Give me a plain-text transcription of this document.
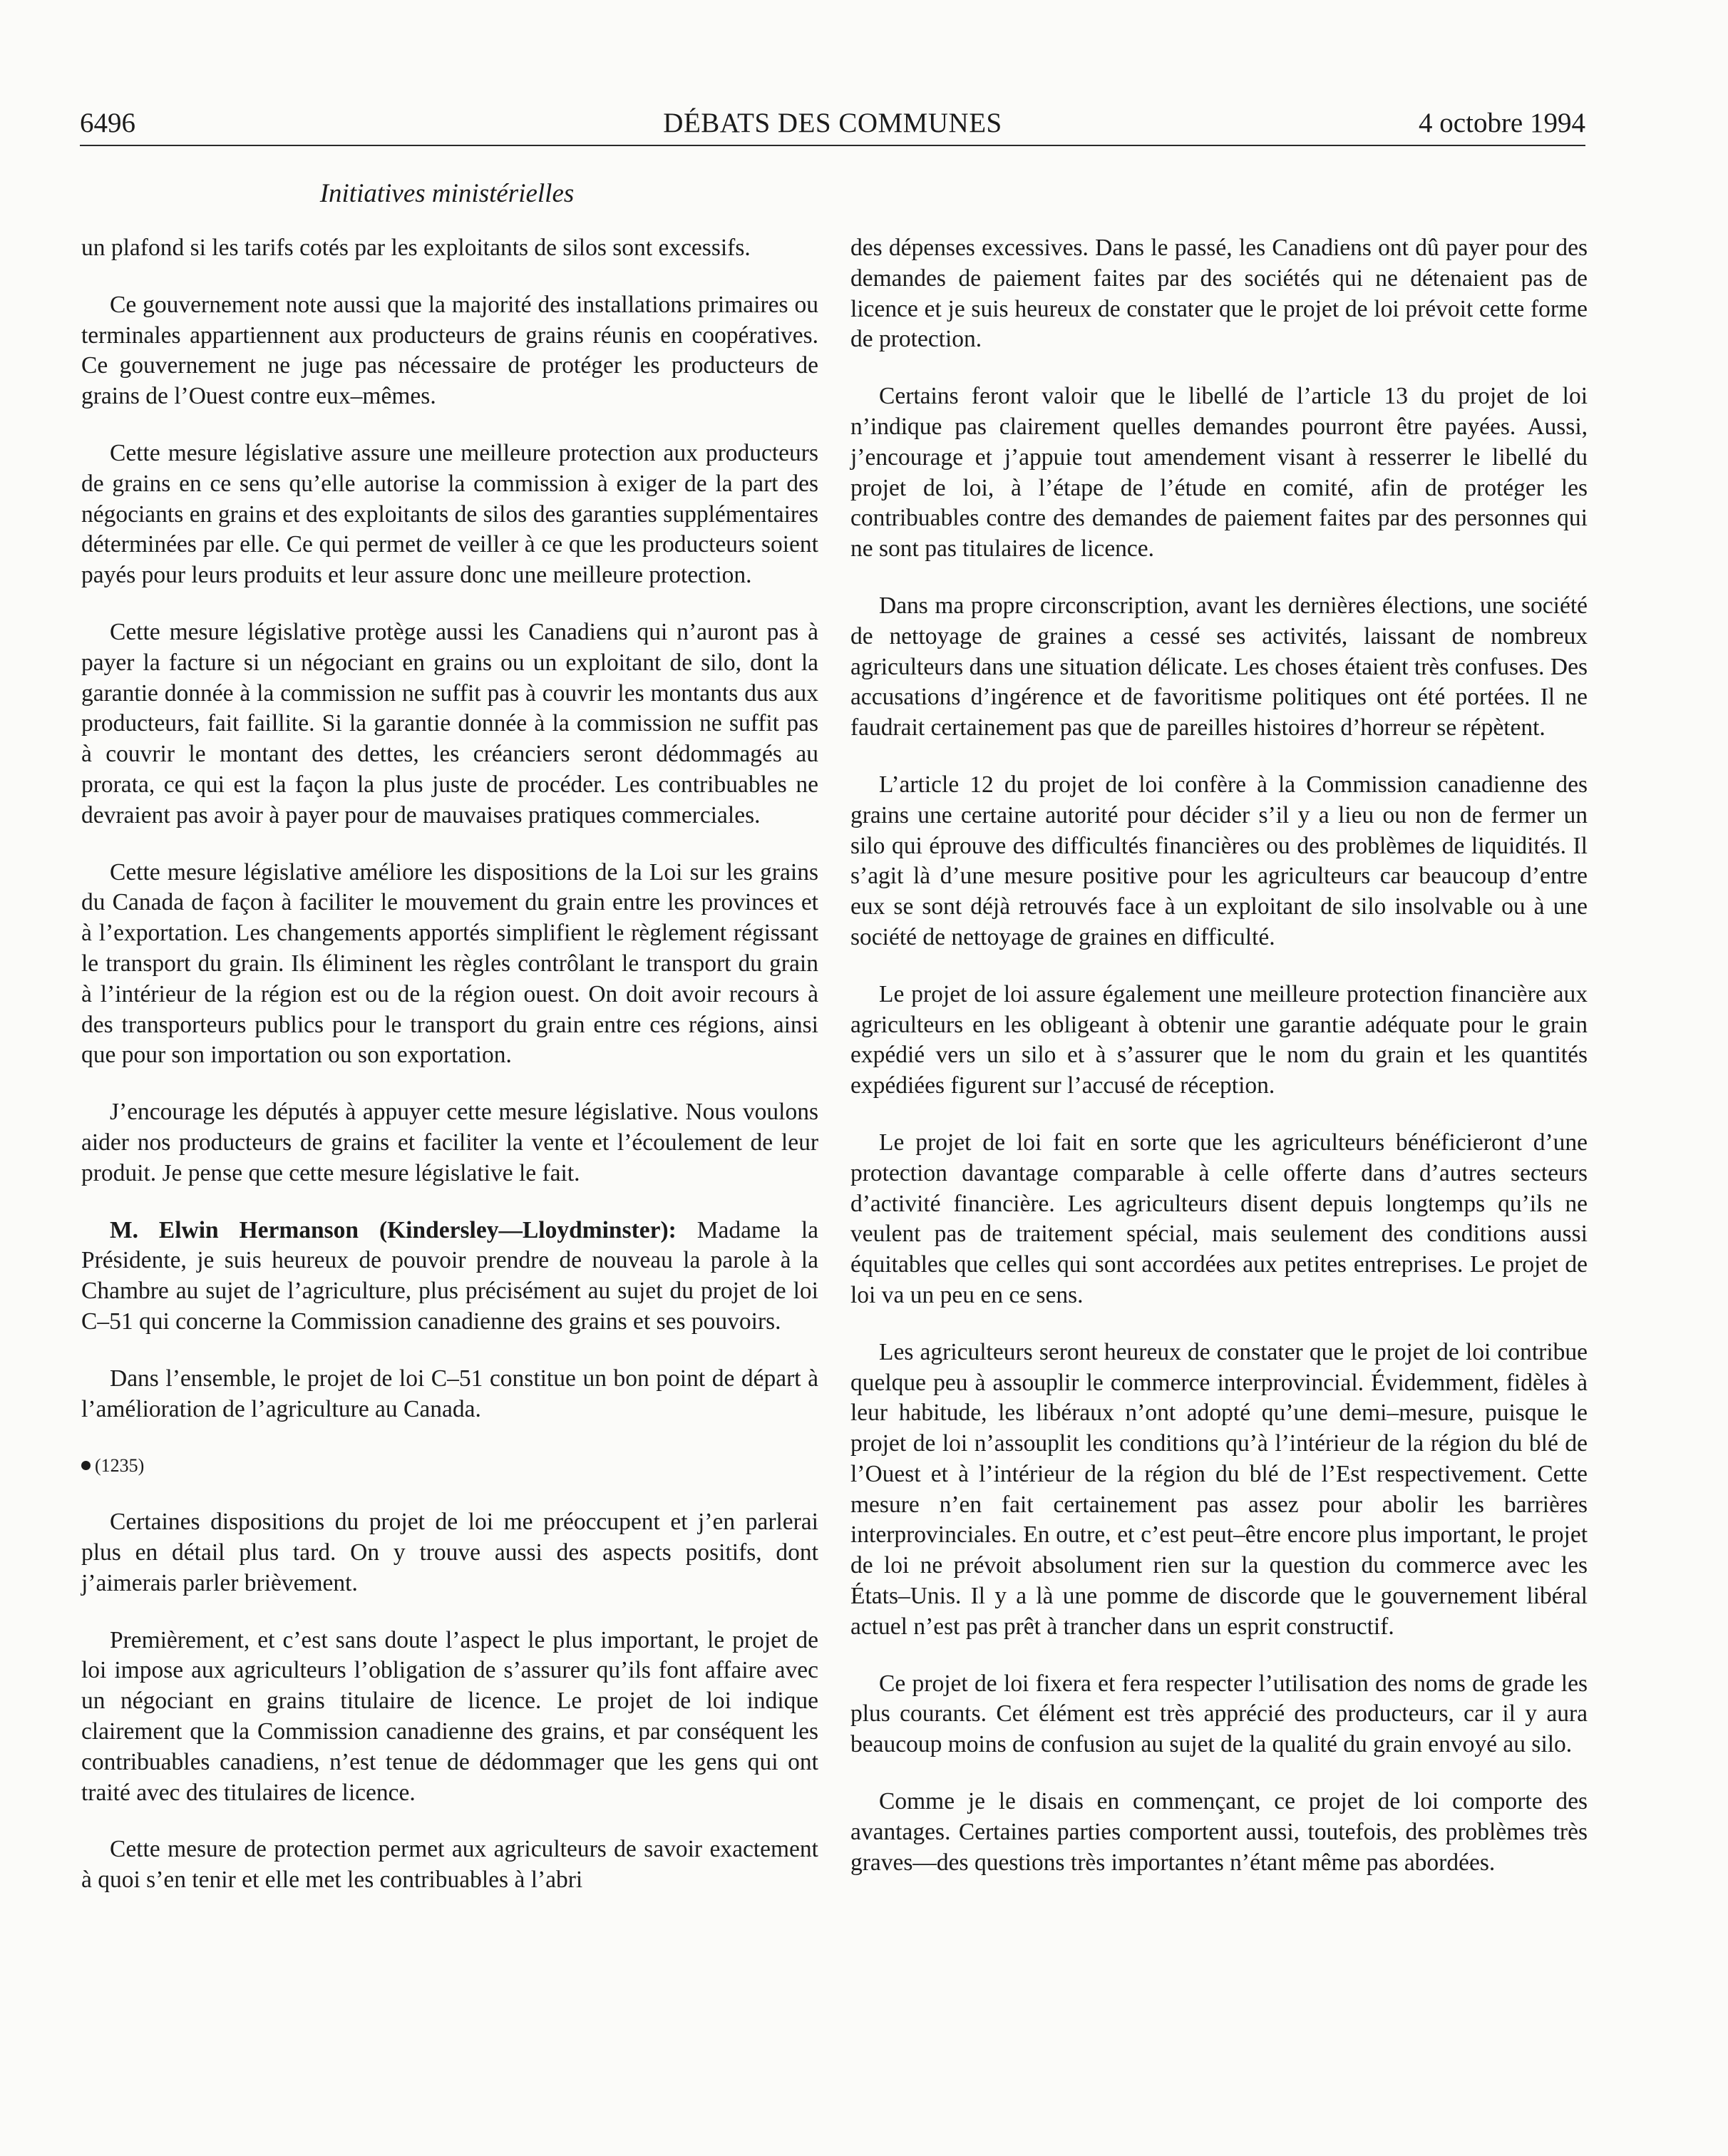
6496	DÉBATS DES COMMUNES	4 octobre 1994
Initiatives ministérielles

un plafond si les tarifs cotés par les exploitants de silos sont excessifs.

Ce gouvernement note aussi que la majorité des installations primaires ou terminales appartiennent aux producteurs de grains réunis en coopératives. Ce gouvernement ne juge pas nécessaire de protéger les producteurs de grains de l’Ouest contre eux–mêmes.

Cette mesure législative assure une meilleure protection aux producteurs de grains en ce sens qu’elle autorise la commission à exiger de la part des négociants en grains et des exploitants de silos des garanties supplémentaires déterminées par elle. Ce qui permet de veiller à ce que les producteurs soient payés pour leurs produits et leur assure donc une meilleure protection.

Cette mesure législative protège aussi les Canadiens qui n’auront pas à payer la facture si un négociant en grains ou un exploitant de silo, dont la garantie donnée à la commission ne suffit pas à couvrir les montants dus aux producteurs, fait faillite. Si la garantie donnée à la commission ne suffit pas à couvrir le montant des dettes, les créanciers seront dédommagés au prorata, ce qui est la façon la plus juste de procéder. Les contribuables ne devraient pas avoir à payer pour de mauvaises pratiques commerciales.

Cette mesure législative améliore les dispositions de la Loi sur les grains du Canada de façon à faciliter le mouvement du grain entre les provinces et à l’exportation. Les changements apportés simplifient le règlement régissant le transport du grain. Ils éliminent les règles contrôlant le transport du grain à l’intérieur de la région est ou de la région ouest. On doit avoir recours à des transporteurs publics pour le transport du grain entre ces régions, ainsi que pour son importation ou son exportation.

J’encourage les députés à appuyer cette mesure législative. Nous voulons aider nos producteurs de grains et faciliter la vente et l’écoulement de leur produit. Je pense que cette mesure législative le fait.

M. Elwin Hermanson (Kindersley—Lloydminster): Madame la Présidente, je suis heureux de pouvoir prendre de nouveau la parole à la Chambre au sujet de l’agriculture, plus précisément au sujet du projet de loi C–51 qui concerne la Commission canadienne des grains et ses pouvoirs.

Dans l’ensemble, le projet de loi C–51 constitue un bon point de départ à l’amélioration de l’agriculture au Canada.

(1235)

Certaines dispositions du projet de loi me préoccupent et j’en parlerai plus en détail plus tard. On y trouve aussi des aspects positifs, dont j’aimerais parler brièvement.

Premièrement, et c’est sans doute l’aspect le plus important, le projet de loi impose aux agriculteurs l’obligation de s’assurer qu’ils font affaire avec un négociant en grains titulaire de licence. Le projet de loi indique clairement que la Commission canadienne des grains, et par conséquent les contribuables canadiens, n’est tenue de dédommager que les gens qui ont traité avec des titulaires de licence.

Cette mesure de protection permet aux agriculteurs de savoir exactement à quoi s’en tenir et elle met les contribuables à l’abri

des dépenses excessives. Dans le passé, les Canadiens ont dû payer pour des demandes de paiement faites par des sociétés qui ne détenaient pas de licence et je suis heureux de constater que le projet de loi prévoit cette forme de protection.

Certains feront valoir que le libellé de l’article 13 du projet de loi n’indique pas clairement quelles demandes pourront être payées. Aussi, j’encourage et j’appuie tout amendement visant à resserrer le libellé du projet de loi, à l’étape de l’étude en comité, afin de protéger les contribuables contre des demandes de paiement faites par des personnes qui ne sont pas titulaires de licence.

Dans ma propre circonscription, avant les dernières élections, une société de nettoyage de graines a cessé ses activités, laissant de nombreux agriculteurs dans une situation délicate. Les choses étaient très confuses. Des accusations d’ingérence et de favoritisme politiques ont été portées. Il ne faudrait certainement pas que de pareilles histoires d’horreur se répètent.

L’article 12 du projet de loi confère à la Commission canadienne des grains une certaine autorité pour décider s’il y a lieu ou non de fermer un silo qui éprouve des difficultés financières ou des problèmes de liquidités. Il s’agit là d’une mesure positive pour les agriculteurs car beaucoup d’entre eux se sont déjà retrouvés face à un exploitant de silo insolvable ou à une société de nettoyage de graines en difficulté.

Le projet de loi assure également une meilleure protection financière aux agriculteurs en les obligeant à obtenir une garantie adéquate pour le grain expédié vers un silo et à s’assurer que le nom du grain et les quantités expédiées figurent sur l’accusé de réception.

Le projet de loi fait en sorte que les agriculteurs bénéficieront d’une protection davantage comparable à celle offerte dans d’autres secteurs d’activité financière. Les agriculteurs disent depuis longtemps qu’ils ne veulent pas de traitement spécial, mais seulement des conditions aussi équitables que celles qui sont accordées aux petites entreprises. Le projet de loi va un peu en ce sens.

Les agriculteurs seront heureux de constater que le projet de loi contribue quelque peu à assouplir le commerce interprovincial. Évidemment, fidèles à leur habitude, les libéraux n’ont adopté qu’une demi–mesure, puisque le projet de loi n’assouplit les conditions qu’à l’intérieur de la région du blé de l’Ouest et à l’intérieur de la région du blé de l’Est respectivement. Cette mesure n’en fait certainement pas assez pour abolir les barrières interprovinciales. En outre, et c’est peut–être encore plus important, le projet de loi ne prévoit absolument rien sur la question du commerce avec les États–Unis. Il y a là une pomme de discorde que le gouvernement libéral actuel n’est pas prêt à trancher dans un esprit constructif.

Ce projet de loi fixera et fera respecter l’utilisation des noms de grade les plus courants. Cet élément est très apprécié des producteurs, car il y aura beaucoup moins de confusion au sujet de la qualité du grain envoyé au silo.

Comme je le disais en commençant, ce projet de loi comporte des avantages. Certaines parties comportent aussi, toutefois, des problèmes très graves—des questions très importantes n’étant même pas abordées.
